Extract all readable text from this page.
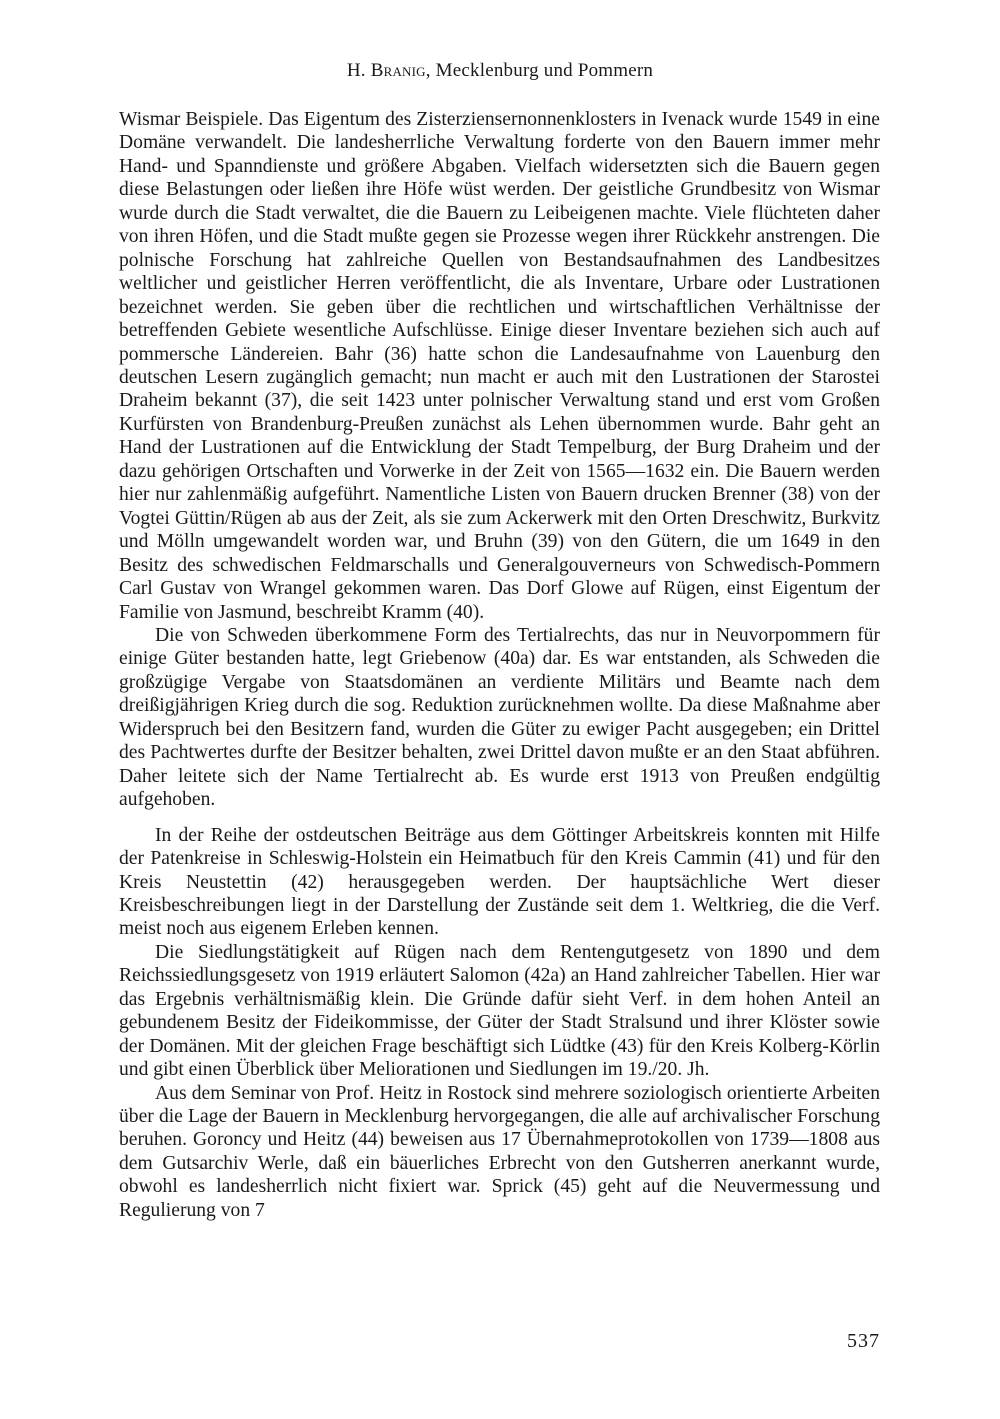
H. Branig, Mecklenburg und Pommern

Wismar Beispiele. Das Eigentum des Zisterziensernonnenklosters in Ivenack wurde 1549 in eine Domäne verwandelt. Die landesherrliche Verwaltung forderte von den Bauern immer mehr Hand- und Spanndienste und größere Abgaben. Vielfach widersetzten sich die Bauern gegen diese Belastungen oder ließen ihre Höfe wüst werden. Der geistliche Grundbesitz von Wismar wurde durch die Stadt verwaltet, die die Bauern zu Leibeigenen machte. Viele flüchteten daher von ihren Höfen, und die Stadt mußte gegen sie Prozesse wegen ihrer Rückkehr anstrengen. Die polnische Forschung hat zahlreiche Quellen von Bestandsaufnahmen des Landbesitzes weltlicher und geistlicher Herren veröffentlicht, die als Inventare, Urbare oder Lustrationen bezeichnet werden. Sie geben über die rechtlichen und wirtschaftlichen Verhältnisse der betreffenden Gebiete wesentliche Aufschlüsse. Einige dieser Inventare beziehen sich auch auf pommersche Ländereien. Bahr (36) hatte schon die Landesaufnahme von Lauenburg den deutschen Lesern zugänglich gemacht; nun macht er auch mit den Lustrationen der Starostei Draheim bekannt (37), die seit 1423 unter polnischer Verwaltung stand und erst vom Großen Kurfürsten von Brandenburg-Preußen zunächst als Lehen übernommen wurde. Bahr geht an Hand der Lustrationen auf die Entwicklung der Stadt Tempelburg, der Burg Draheim und der dazu gehörigen Ortschaften und Vorwerke in der Zeit von 1565—1632 ein. Die Bauern werden hier nur zahlenmäßig aufgeführt. Namentliche Listen von Bauern drucken Brenner (38) von der Vogtei Güttin/Rügen ab aus der Zeit, als sie zum Ackerwerk mit den Orten Dreschwitz, Burkvitz und Mölln umgewandelt worden war, und Bruhn (39) von den Gütern, die um 1649 in den Besitz des schwedischen Feldmarschalls und Generalgouverneurs von Schwedisch-Pommern Carl Gustav von Wrangel gekommen waren. Das Dorf Glowe auf Rügen, einst Eigentum der Familie von Jasmund, beschreibt Kramm (40).

Die von Schweden überkommene Form des Tertialrechts, das nur in Neuvorpommern für einige Güter bestanden hatte, legt Griebenow (40a) dar. Es war entstanden, als Schweden die großzügige Vergabe von Staatsdomänen an verdiente Militärs und Beamte nach dem dreißigjährigen Krieg durch die sog. Reduktion zurücknehmen wollte. Da diese Maßnahme aber Widerspruch bei den Besitzern fand, wurden die Güter zu ewiger Pacht ausgegeben; ein Drittel des Pachtwertes durfte der Besitzer behalten, zwei Drittel davon mußte er an den Staat abführen. Daher leitete sich der Name Tertialrecht ab. Es wurde erst 1913 von Preußen endgültig aufgehoben.

In der Reihe der ostdeutschen Beiträge aus dem Göttinger Arbeitskreis konnten mit Hilfe der Patenkreise in Schleswig-Holstein ein Heimatbuch für den Kreis Cammin (41) und für den Kreis Neustettin (42) herausgegeben werden. Der hauptsächliche Wert dieser Kreisbeschreibungen liegt in der Darstellung der Zustände seit dem 1. Weltkrieg, die die Verf. meist noch aus eigenem Erleben kennen.

Die Siedlungstätigkeit auf Rügen nach dem Rentengutgesetz von 1890 und dem Reichssiedlungsgesetz von 1919 erläutert Salomon (42a) an Hand zahlreicher Tabellen. Hier war das Ergebnis verhältnismäßig klein. Die Gründe dafür sieht Verf. in dem hohen Anteil an gebundenem Besitz der Fideikommisse, der Güter der Stadt Stralsund und ihrer Klöster sowie der Domänen. Mit der gleichen Frage beschäftigt sich Lüdtke (43) für den Kreis Kolberg-Körlin und gibt einen Überblick über Meliorationen und Siedlungen im 19./20. Jh.

Aus dem Seminar von Prof. Heitz in Rostock sind mehrere soziologisch orientierte Arbeiten über die Lage der Bauern in Mecklenburg hervorgegangen, die alle auf archivalischer Forschung beruhen. Goroncy und Heitz (44) beweisen aus 17 Übernahmeprotokollen von 1739—1808 aus dem Gutsarchiv Werle, daß ein bäuerliches Erbrecht von den Gutsherren anerkannt wurde, obwohl es landesherrlich nicht fixiert war. Sprick (45) geht auf die Neuvermessung und Regulierung von 7

537
